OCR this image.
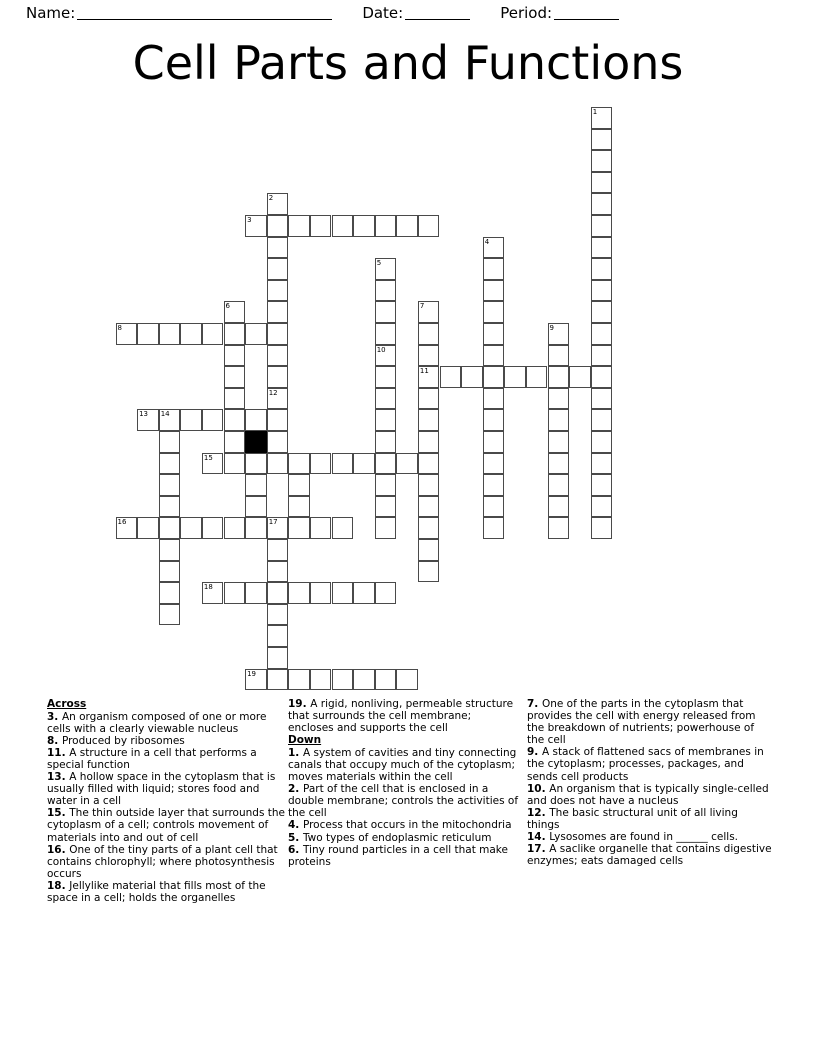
Name:	Date:	Period:
Cell Parts and Functions
1
2
3
4
5
10
6	7
11
8	9
12
13 14
15
16	17
18
19
Across
3. An organism composed of one or more cells with a clearly viewable nucleus
8. Produced by ribosomes
11. A structure in a cell that performs a special function
13. A hollow space in the cytoplasm that is usually filled with liquid; stores food and water in a cell
15. The thin outside layer that surrounds the cytoplasm of a cell; controls movement of materials into and out of cell
16. One of the tiny parts of a plant cell that contains chlorophyll; where photosynthesis occurs
18. Jellylike material that fills most of the space in a cell; holds the organelles
19. A rigid, nonliving, permeable structure that surrounds the cell membrane; encloses and supports the cell
Down
1. A system of cavities and tiny connecting canals that occupy much of the cytoplasm; moves materials within the cell
2. Part of the cell that is enclosed in a double membrane; controls the activities of the cell
4. Process that occurs in the mitochondria
5. Two types of endoplasmic reticulum
6. Tiny round particles in a cell that make proteins
7. One of the parts in the cytoplasm that provides the cell with energy released from the breakdown of nutrients; powerhouse of the cell
9. A stack of flattened sacs of membranes in the cytoplasm; processes, packages, and sends cell products
10. An organism that is typically single-celled and does not have a nucleus
12. The basic structural unit of all living things
14. Lysosomes are found in ______ cells.
17. A saclike organelle that contains digestive enzymes; eats damaged cells
